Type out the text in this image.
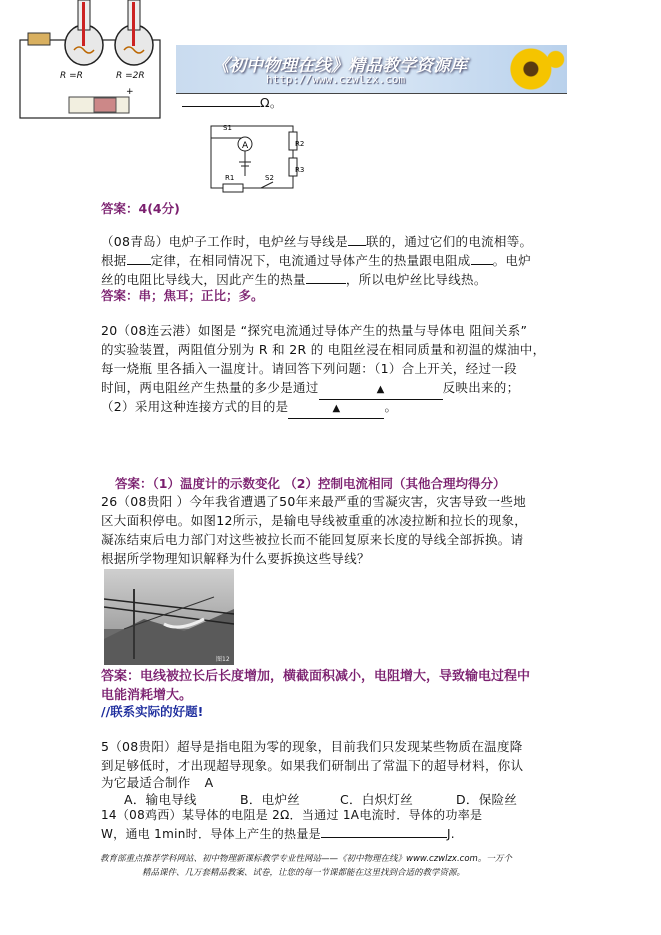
+
R =R	R =2R	《初中物理在线》精品教学资源库
http://www.czwlzx.com
Ω。
A
S1
R2
R3
R1	S2
答案：4(4分)
（08青岛）电炉子工作时，电炉丝与导线是 联的，通过它们的电流相等。
根据 定律，在相同情况下，电流通过导体产生的热量跟电阻成 。电炉
丝的电阻比导线大，因此产生的热量	，所以电炉丝比导线热。
答案：串；焦耳；正比；多。
20（08连云港）如图是 “探究电流通过导体产生的热量与导体电 阻间关系”
的实验装置，两阻值分别为 R 和 2R 的 电阻丝浸在相同质量和初温的煤油中，
每一烧瓶 里各插入一温度计。请回答下列问题：（1）合上开关，经过一段
时间，两电阻丝产生热量的多少是通过	▲	反映出来的；
（2）采用这种连接方式的目的是	▲	。
答案：（1）温度计的示数变化 （2）控制电流相同（其他合理均得分）
26（08贵阳 ）今年我省遭遇了50年来最严重的雪凝灾害，灾害导致一些地
区大面积停电。如图12所示，是输电导线被重重的冰凌拉断和拉长的现象，
凝冻结束后电力部门对这些被拉长而不能回复原来长度的导线全部拆换。请
根据所学物理知识解释为什么要拆换这些导线？
图12
答案：电线被拉长后长度增加，横截面积减小，电阻增大，导致输电过程中
电能消耗增大。
//联系实际的好题!
5（08贵阳）超导是指电阻为零的现象，目前我们只发现某些物质在温度降
到足够低时，才出现超导现象。如果我们研制出了常温下的超导材料，你认
为它最适合制作 A
A．输电导线	B．电炉丝	C．白炽灯丝	D．保险丝
14（08鸡西）某导体的电阻是 2Ω．当通过 1A电流时．导体的功率是
W，通电 1min时．导体上产生的热量是	J.
教育部重点推荐学科网站、初中物理新课标教学专业性网站——《初中物理在线》www.czwlzx.com。一万个
精品课件、几万套精品教案、试卷，让您的每一节课都能在这里找到合适的教学资源。
